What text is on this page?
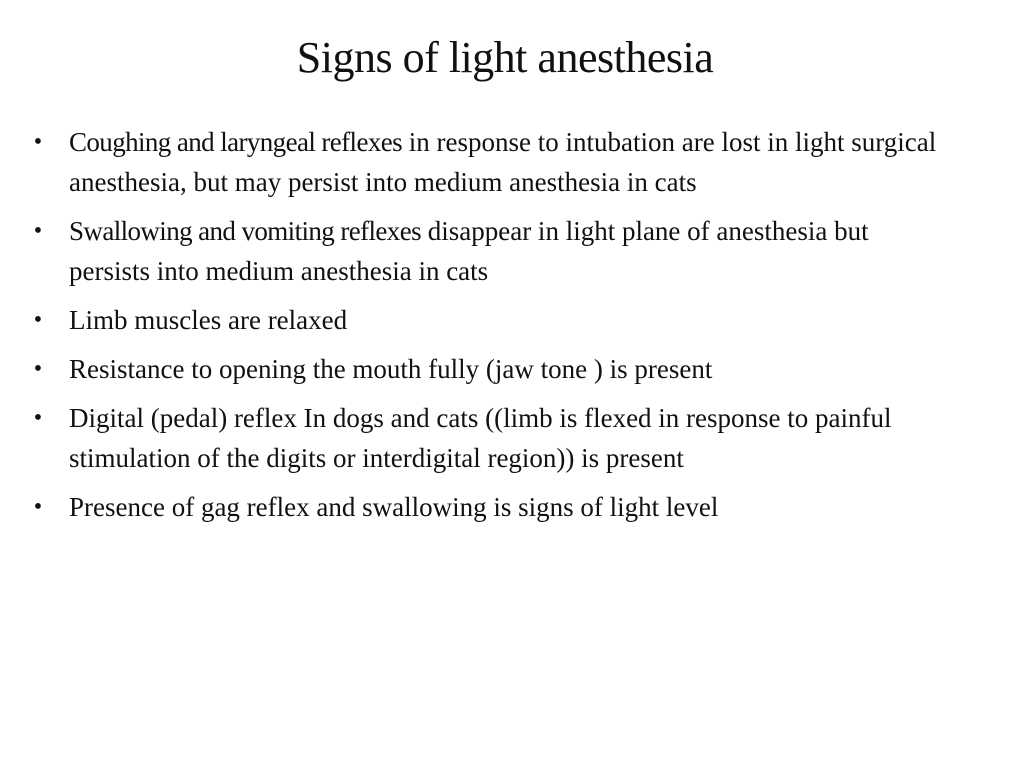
Signs of light anesthesia
• Coughing and laryngeal reflexes in response to intubation are lost in light surgical anesthesia, but may persist into medium anesthesia in cats
• Swallowing and vomiting reflexes disappear in light plane of anesthesia but persists into medium anesthesia in cats
• Limb muscles are relaxed
• Resistance to opening the mouth fully (jaw tone ) is present
• Digital (pedal) reflex In dogs and cats ((limb is flexed in response to painful stimulation of the digits or interdigital region)) is present
• Presence of gag reflex and swallowing is signs of light level
